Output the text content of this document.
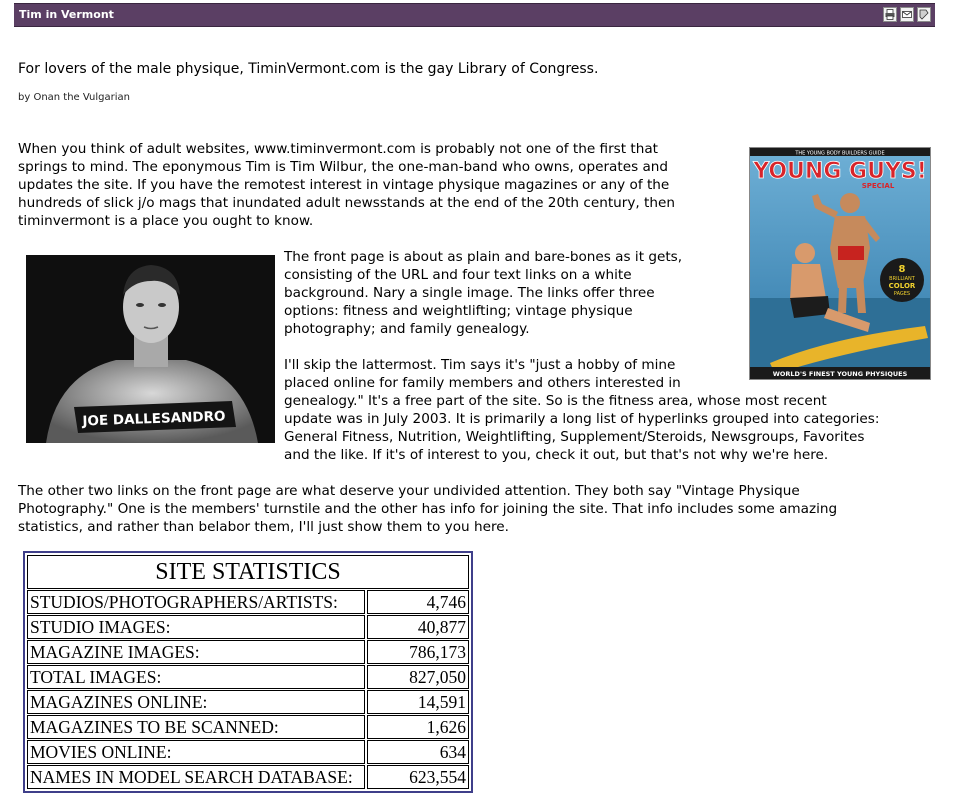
Tim in Vermont
For lovers of the male physique, TiminVermont.com is the gay Library of Congress.
by Onan the Vulgarian
When you think of adult websites, www.timinvermont.com is probably not one of the first that
springs to mind. The eponymous Tim is Tim Wilbur, the one-man-band who owns, operates and
updates the site. If you have the remotest interest in vintage physique magazines or any of the
hundreds of slick j/o mags that inundated adult newsstands at the end of the 20th century, then
timinvermont is a place you ought to know.
THE YOUNG BODY BUILDERS GUIDE
YOUNG GUYS!
SPECIAL
8
BRILLIANT
COLOR
PAGES
WORLD'S FINEST YOUNG PHYSIQUES
JOE DALLESANDRO
The front page is about as plain and bare-bones as it gets,
consisting of the URL and four text links on a white
background. Nary a single image. The links offer three
options: fitness and weightlifting; vintage physique
photography; and family genealogy.
I'll skip the lattermost. Tim says it's "just a hobby of mine
placed online for family members and others interested in
genealogy." It's a free part of the site. So is the fitness area, whose most recent
update was in July 2003. It is primarily a long list of hyperlinks grouped into categories:
General Fitness, Nutrition, Weightlifting, Supplement/Steroids, Newsgroups, Favorites
and the like. If it's of interest to you, check it out, but that's not why we're here.
The other two links on the front page are what deserve your undivided attention. They both say "Vintage Physique
Photography." One is the members' turnstile and the other has info for joining the site. That info includes some amazing
statistics, and rather than belabor them, I'll just show them to you here.
SITE STATISTICS
STUDIOS/PHOTOGRAPHERS/ARTISTS:	4,746
STUDIO IMAGES:	40,877
MAGAZINE IMAGES:	786,173
TOTAL IMAGES:	827,050
MAGAZINES ONLINE:	14,591
MAGAZINES TO BE SCANNED:	1,626
MOVIES ONLINE:	634
NAMES IN MODEL SEARCH DATABASE:	623,554
